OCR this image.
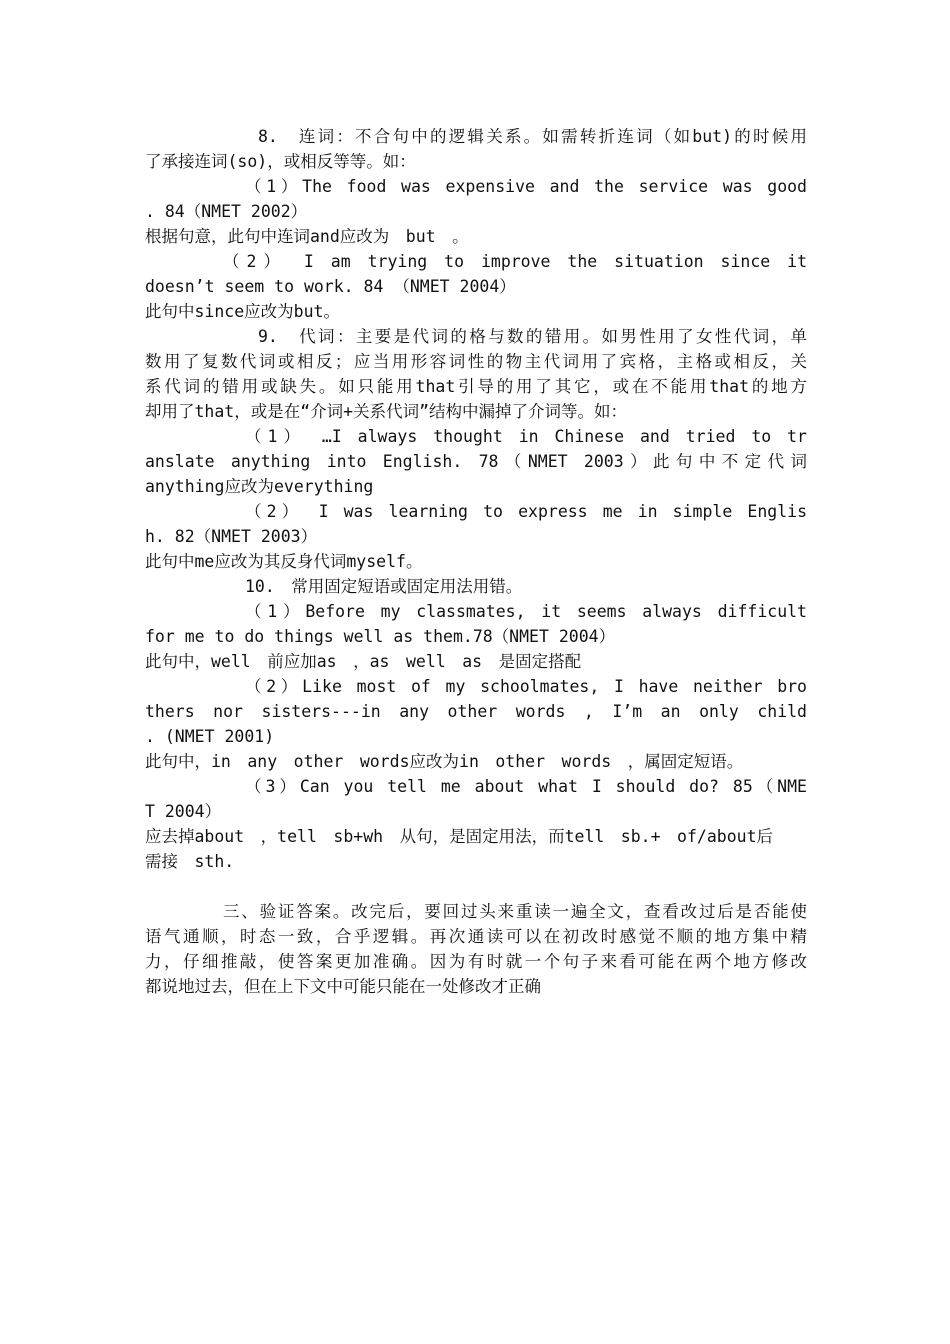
8.　连词：不合句中的逻辑关系。如需转折连词（如but)的时候用
了承接连词(so)，或相反等等。如：
（1）The food was expensive and the service was good
. 84（NMET 2002）
根据句意，此句中连词and应改为　but　。
（2） I am trying to improve the situation since it
doesn’t seem to work. 84 （NMET 2004）
此句中since应改为but。
9.　代词：主要是代词的格与数的错用。如男性用了女性代词，单
数用了复数代词或相反；应当用形容词性的物主代词用了宾格，主格或相反，关
系代词的错用或缺失。如只能用that引导的用了其它，或在不能用that的地方
却用了that，或是在“介词+关系代词”结构中漏掉了介词等。如：
（1） …I always thought in Chinese and tried to tr
anslate anything into English. 78（NMET 2003）此句中不定代词
anything应改为everything
（2） I was learning to express me in simple Englis
h. 82（NMET 2003）
此句中me应改为其反身代词myself。
10.　常用固定短语或固定用法用错。
（1）Before my classmates, it seems always difficult
for me to do things well as them.78（NMET 2004）
此句中，well　前应加as　，as　well　as　是固定搭配
（2）Like most of my schoolmates, I have neither bro
thers nor sisters---in any other words , I’m an only child
. (NMET 2001)
此句中，in　any　other　words应改为in　other　words　，属固定短语。
（3）Can you tell me about what I should do? 85（NME
T 2004）
应去掉about　，tell　sb+wh　从句，是固定用法，而tell　sb.+　of/about后
需接　sth.
三、验证答案。改完后，要回过头来重读一遍全文，查看改过后是否能使
语气通顺，时态一致，合乎逻辑。再次通读可以在初改时感觉不顺的地方集中精
力，仔细推敲，使答案更加准确。因为有时就一个句子来看可能在两个地方修改
都说地过去，但在上下文中可能只能在一处修改才正确
